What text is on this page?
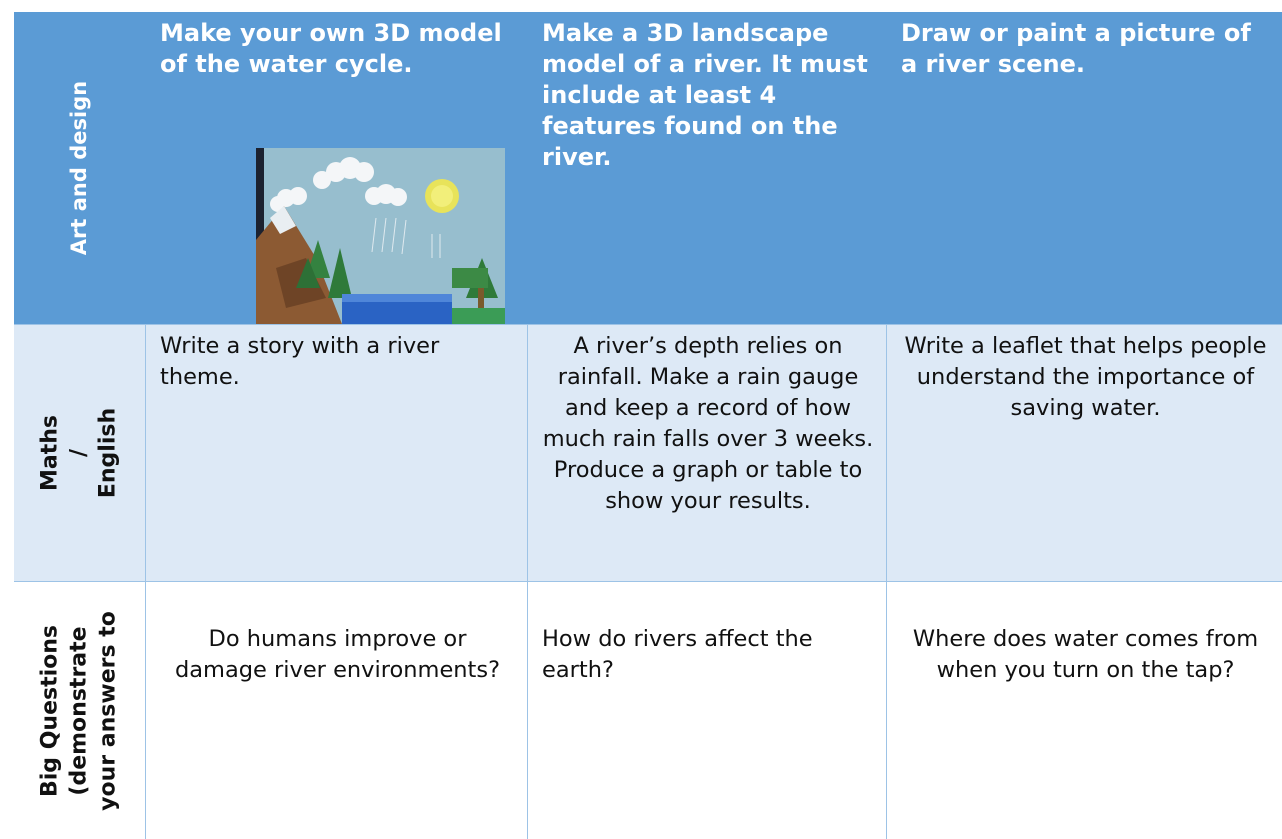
Art and design
Make your own 3D model of the water cycle.
Make a 3D landscape model of a river. It must include at least 4 features found on the river.
Draw or paint a picture of a river scene.
Maths / English
Write a story with a river theme.
A river’s depth relies on rainfall. Make a rain gauge and keep a record of how much rain falls over 3 weeks. Produce a graph or table to show your results.
Write a leaflet that helps people understand the importance of saving water.
Big Questions (demonstrate your answers to	Do humans improve or damage river environments?
How do rivers affect the earth?
Where does water comes from when you turn on the tap?
